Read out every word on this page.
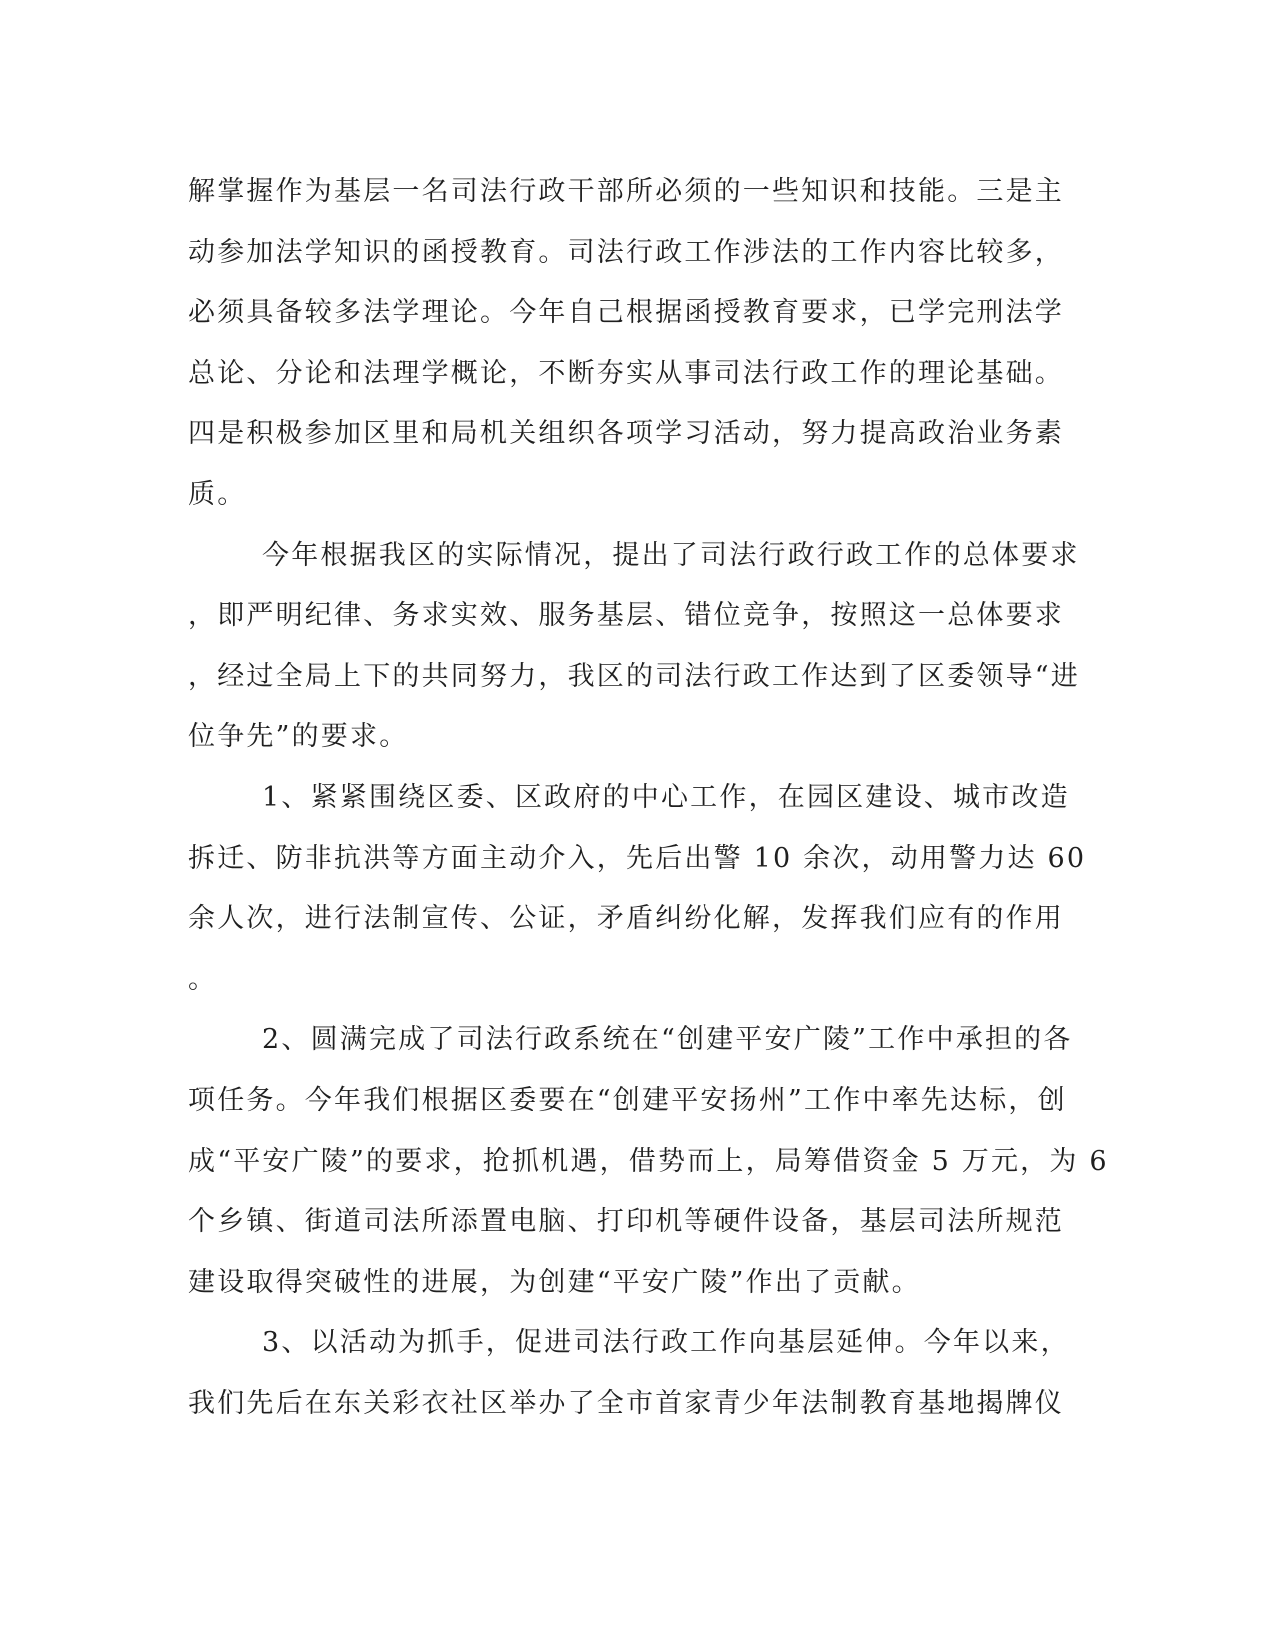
解掌握作为基层一名司法行政干部所必须的一些知识和技能。三是主
动参加法学知识的函授教育。司法行政工作涉法的工作内容比较多，
必须具备较多法学理论。今年自己根据函授教育要求，已学完刑法学
总论、分论和法理学概论，不断夯实从事司法行政工作的理论基础。
四是积极参加区里和局机关组织各项学习活动，努力提高政治业务素
质。
今年根据我区的实际情况，提出了司法行政行政工作的总体要求
，即严明纪律、务求实效、服务基层、错位竞争，按照这一总体要求
，经过全局上下的共同努力，我区的司法行政工作达到了区委领导“进
位争先”的要求。
1、紧紧围绕区委、区政府的中心工作，在园区建设、城市改造
拆迁、防非抗洪等方面主动介入，先后出警 10 余次，动用警力达 60
余人次，进行法制宣传、公证，矛盾纠纷化解，发挥我们应有的作用
。
2、圆满完成了司法行政系统在“创建平安广陵”工作中承担的各
项任务。今年我们根据区委要在“创建平安扬州”工作中率先达标，创
成“平安广陵”的要求，抢抓机遇，借势而上，局筹借资金 5 万元，为 6
个乡镇、街道司法所添置电脑、打印机等硬件设备，基层司法所规范
建设取得突破性的进展，为创建“平安广陵”作出了贡献。
3、以活动为抓手，促进司法行政工作向基层延伸。今年以来，
我们先后在东关彩衣社区举办了全市首家青少年法制教育基地揭牌仪
